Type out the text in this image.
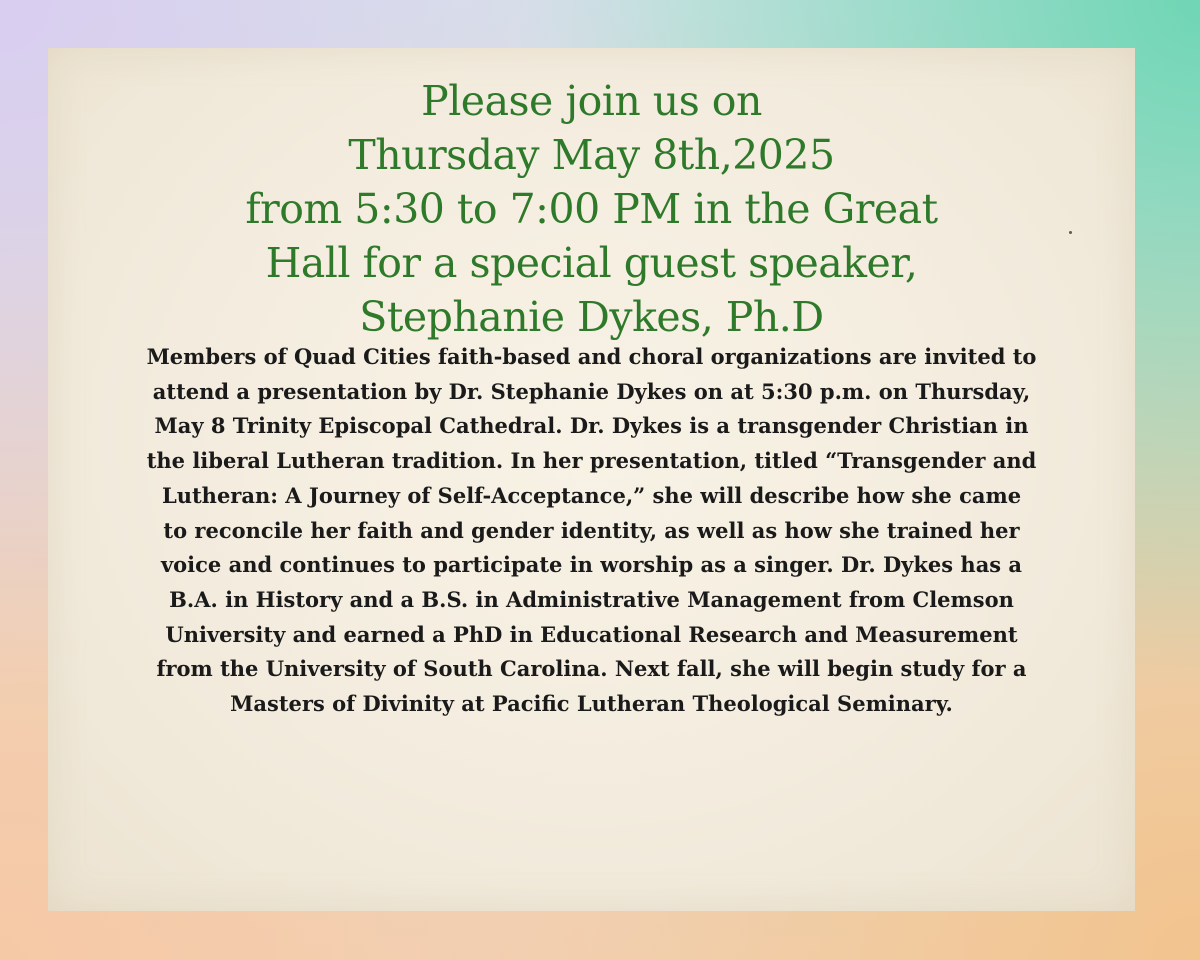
Please join us on
Thursday May 8th,2025
from 5:30 to 7:00 PM in the Great
Hall for a special guest speaker,
Stephanie Dykes, Ph.D
Members of Quad Cities faith-based and choral organizations are invited to
attend a presentation by Dr. Stephanie Dykes on at 5:30 p.m. on Thursday,
May 8 Trinity Episcopal Cathedral. Dr. Dykes is a transgender Christian in
the liberal Lutheran tradition. In her presentation, titled “Transgender and
Lutheran: A Journey of Self-Acceptance,” she will describe how she came
to reconcile her faith and gender identity, as well as how she trained her
voice and continues to participate in worship as a singer. Dr. Dykes has a
B.A. in History and a B.S. in Administrative Management from Clemson
University and earned a PhD in Educational Research and Measurement
from the University of South Carolina. Next fall, she will begin study for a
Masters of Divinity at Pacific Lutheran Theological Seminary.
